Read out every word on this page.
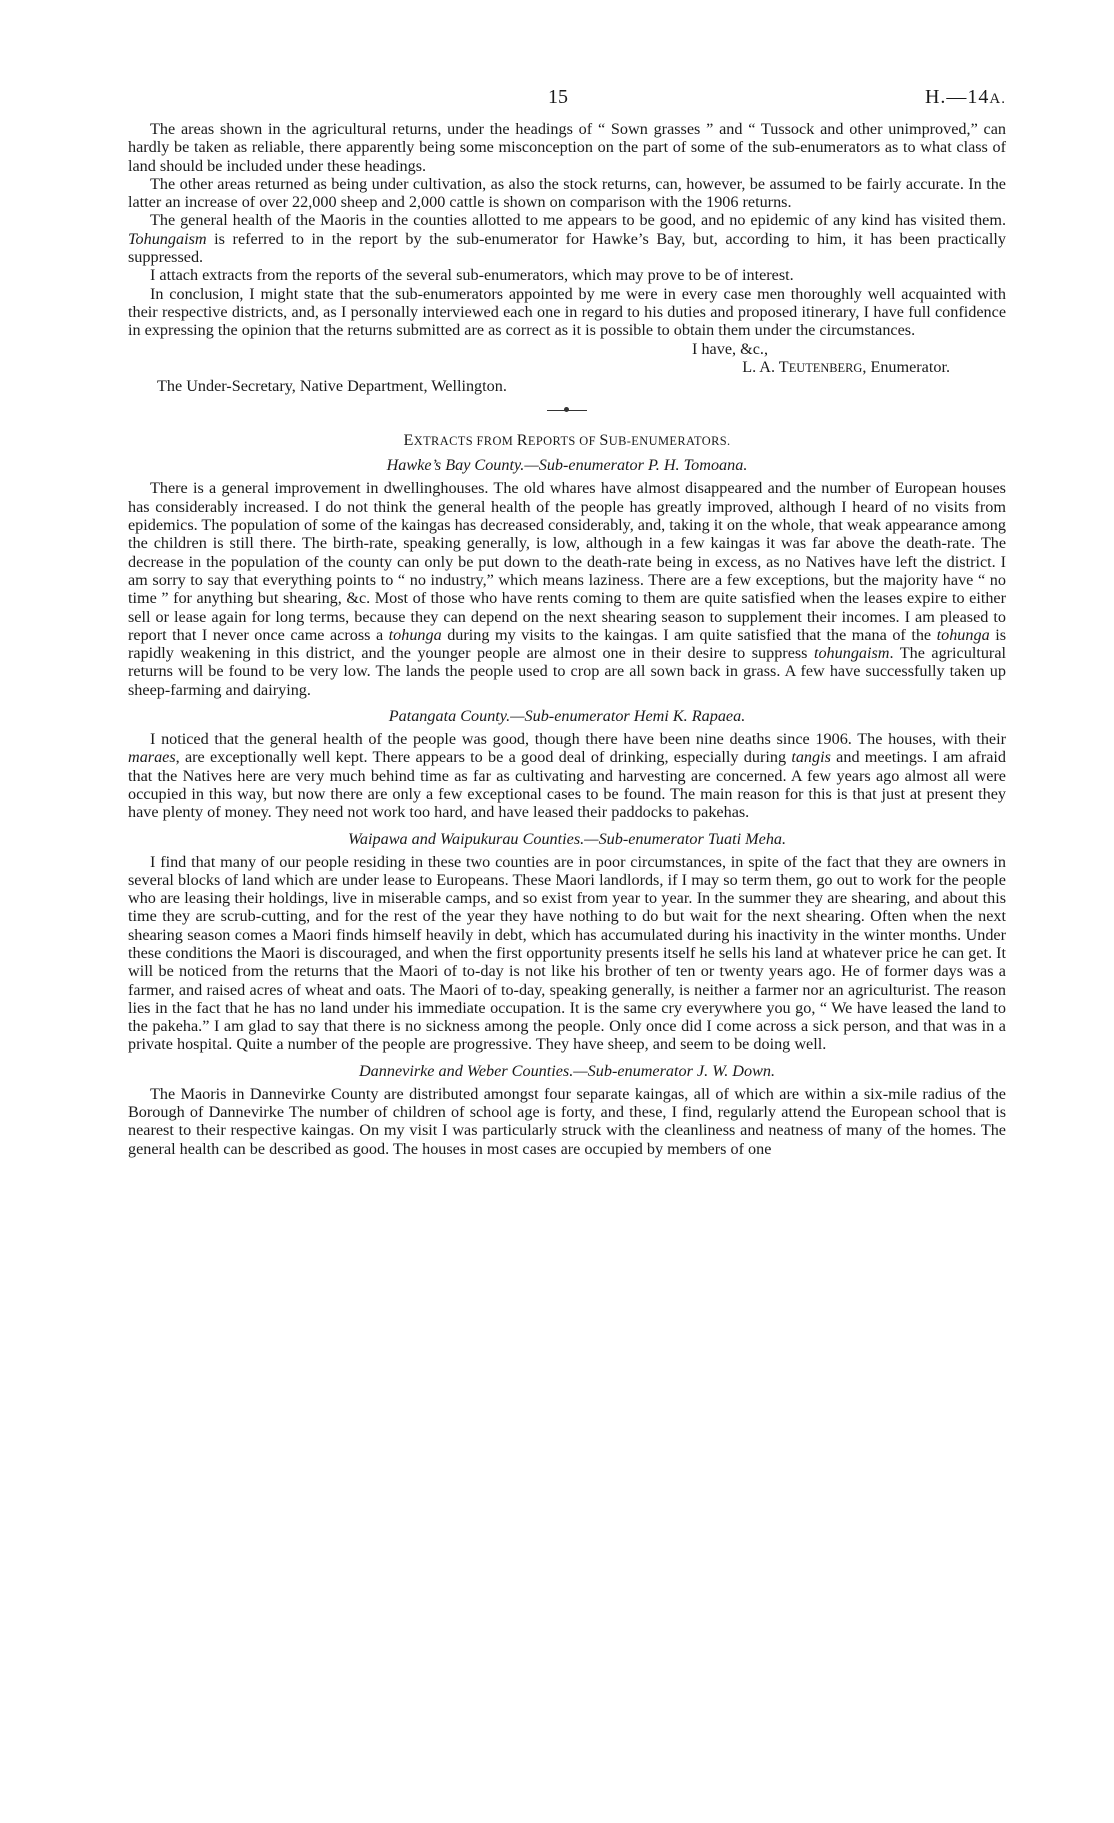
15	H.—14A.

The areas shown in the agricultural returns, under the headings of “ Sown grasses ” and “ Tussock and other unimproved,” can hardly be taken as reliable, there apparently being some misconception on the part of some of the sub-enumerators as to what class of land should be included under these headings.

The other areas returned as being under cultivation, as also the stock returns, can, however, be assumed to be fairly accurate. In the latter an increase of over 22,000 sheep and 2,000 cattle is shown on comparison with the 1906 returns.

The general health of the Maoris in the counties allotted to me appears to be good, and no epidemic of any kind has visited them. Tohungaism is referred to in the report by the sub-enumerator for Hawke’s Bay, but, according to him, it has been practically suppressed.

I attach extracts from the reports of the several sub-enumerators, which may prove to be of interest.

In conclusion, I might state that the sub-enumerators appointed by me were in every case men thoroughly well acquainted with their respective districts, and, as I personally interviewed each one in regard to his duties and proposed itinerary, I have full confidence in expressing the opinion that the returns submitted are as correct as it is possible to obtain them under the circumstances.

I have, &c.,

L. A. TEUTENBERG, Enumerator.

The Under-Secretary, Native Department, Wellington.

EXTRACTS FROM REPORTS OF SUB-ENUMERATORS.
Hawke’s Bay County.—Sub-enumerator P. H. Tomoana.

There is a general improvement in dwellinghouses. The old whares have almost disappeared and the number of European houses has considerably increased. I do not think the general health of the people has greatly improved, although I heard of no visits from epidemics. The population of some of the kaingas has decreased considerably, and, taking it on the whole, that weak appearance among the children is still there. The birth-rate, speaking generally, is low, although in a few kaingas it was far above the death-rate. The decrease in the population of the county can only be put down to the death-rate being in excess, as no Natives have left the district. I am sorry to say that everything points to “ no industry,” which means laziness. There are a few exceptions, but the majority have “ no time ” for anything but shearing, &c. Most of those who have rents coming to them are quite satisfied when the leases expire to either sell or lease again for long terms, because they can depend on the next shearing season to supplement their incomes. I am pleased to report that I never once came across a tohunga during my visits to the kaingas. I am quite satisfied that the mana of the tohunga is rapidly weakening in this district, and the younger people are almost one in their desire to suppress tohungaism. The agricultural returns will be found to be very low. The lands the people used to crop are all sown back in grass. A few have successfully taken up sheep-farming and dairying.

Patangata County.—Sub-enumerator Hemi K. Rapaea.

I noticed that the general health of the people was good, though there have been nine deaths since 1906. The houses, with their maraes, are exceptionally well kept. There appears to be a good deal of drinking, especially during tangis and meetings. I am afraid that the Natives here are very much behind time as far as cultivating and harvesting are concerned. A few years ago almost all were occupied in this way, but now there are only a few exceptional cases to be found. The main reason for this is that just at present they have plenty of money. They need not work too hard, and have leased their paddocks to pakehas.

Waipawa and Waipukurau Counties.—Sub-enumerator Tuati Meha.

I find that many of our people residing in these two counties are in poor circumstances, in spite of the fact that they are owners in several blocks of land which are under lease to Europeans. These Maori landlords, if I may so term them, go out to work for the people who are leasing their holdings, live in miserable camps, and so exist from year to year. In the summer they are shearing, and about this time they are scrub-cutting, and for the rest of the year they have nothing to do but wait for the next shearing. Often when the next shearing season comes a Maori finds himself heavily in debt, which has accumulated during his inactivity in the winter months. Under these conditions the Maori is discouraged, and when the first opportunity presents itself he sells his land at whatever price he can get. It will be noticed from the returns that the Maori of to-day is not like his brother of ten or twenty years ago. He of former days was a farmer, and raised acres of wheat and oats. The Maori of to-day, speaking generally, is neither a farmer nor an agriculturist. The reason lies in the fact that he has no land under his immediate occupation. It is the same cry everywhere you go, “ We have leased the land to the pakeha.” I am glad to say that there is no sickness among the people. Only once did I come across a sick person, and that was in a private hospital. Quite a number of the people are progressive. They have sheep, and seem to be doing well.

Dannevirke and Weber Counties.—Sub-enumerator J. W. Down.

The Maoris in Dannevirke County are distributed amongst four separate kaingas, all of which are within a six-mile radius of the Borough of Dannevirke The number of children of school age is forty, and these, I find, regularly attend the European school that is nearest to their respective kaingas. On my visit I was particularly struck with the cleanliness and neatness of many of the homes. The general health can be described as good. The houses in most cases are occupied by members of one
